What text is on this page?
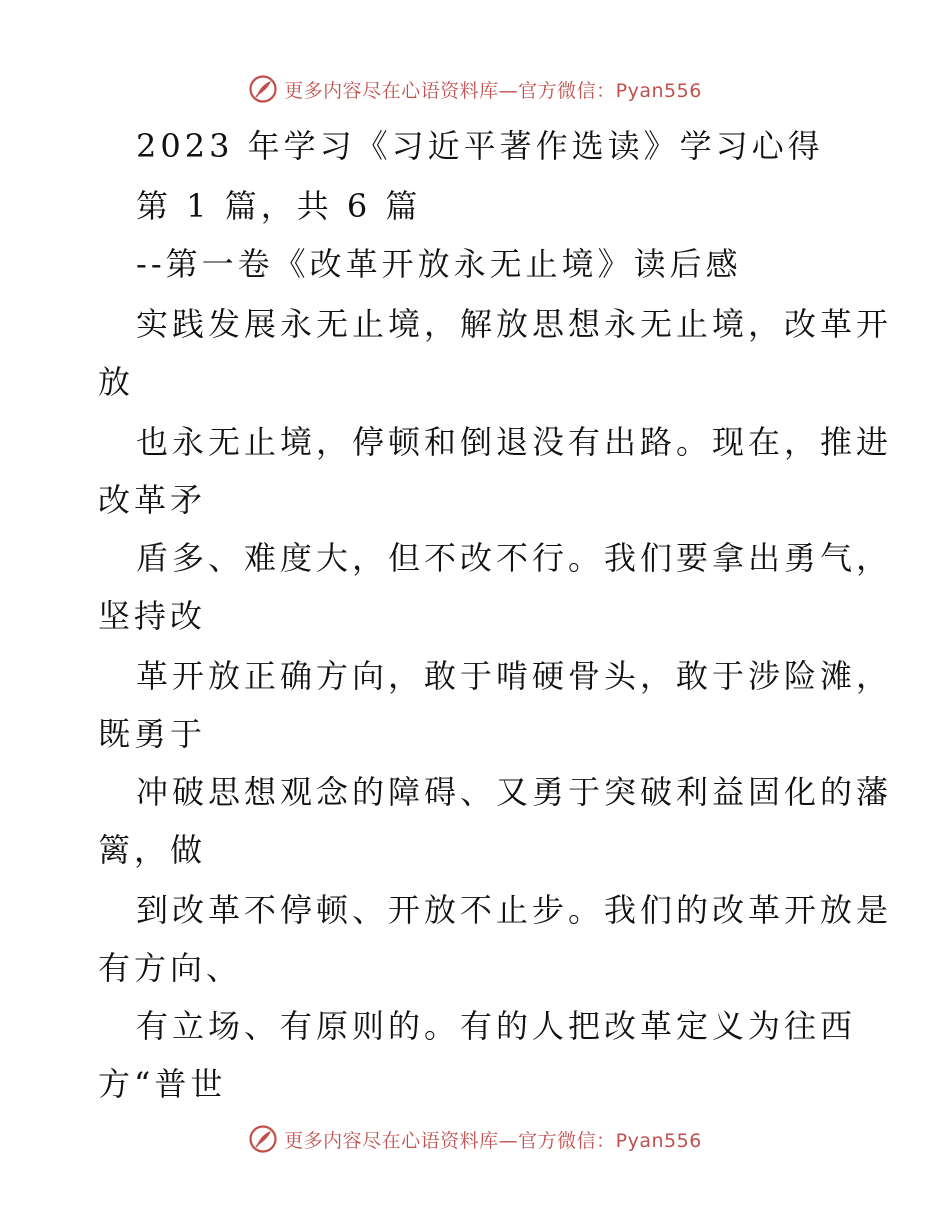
更多内容尽在心语资料库—官方微信：Pyan556
2023 年学习《习近平著作选读》学习心得
第 1 篇，共 6 篇
--第一卷《改革开放永无止境》读后感
实践发展永无止境，解放思想永无止境，改革开
放
也永无止境，停顿和倒退没有出路。现在，推进
改革矛
盾多、难度大，但不改不行。我们要拿出勇气，
坚持改
革开放正确方向，敢于啃硬骨头，敢于涉险滩，
既勇于
冲破思想观念的障碍、又勇于突破利益固化的藩
篱，做
到改革不停顿、开放不止步。我们的改革开放是
有方向、
有立场、有原则的。有的人把改革定义为往西
方“普世
更多内容尽在心语资料库—官方微信：Pyan556
